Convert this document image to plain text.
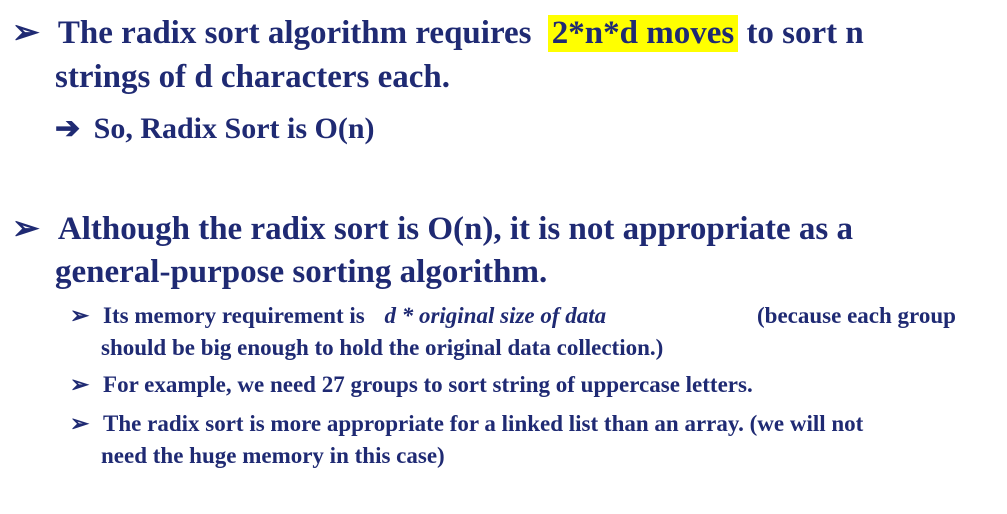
➢ The radix sort algorithm requires 2*n*d moves to sort n
strings of d characters each.
➔ So, Radix Sort is O(n)
➢ Although the radix sort is O(n), it is not appropriate as a
general-purpose sorting algorithm.
➢ Its memory requirement is d * original size of data	(because each group
should be big enough to hold the original data collection.)
➢ For example, we need 27 groups to sort string of uppercase letters.
➢ The radix sort is more appropriate for a linked list than an array. (we will not
need the huge memory in this case)
